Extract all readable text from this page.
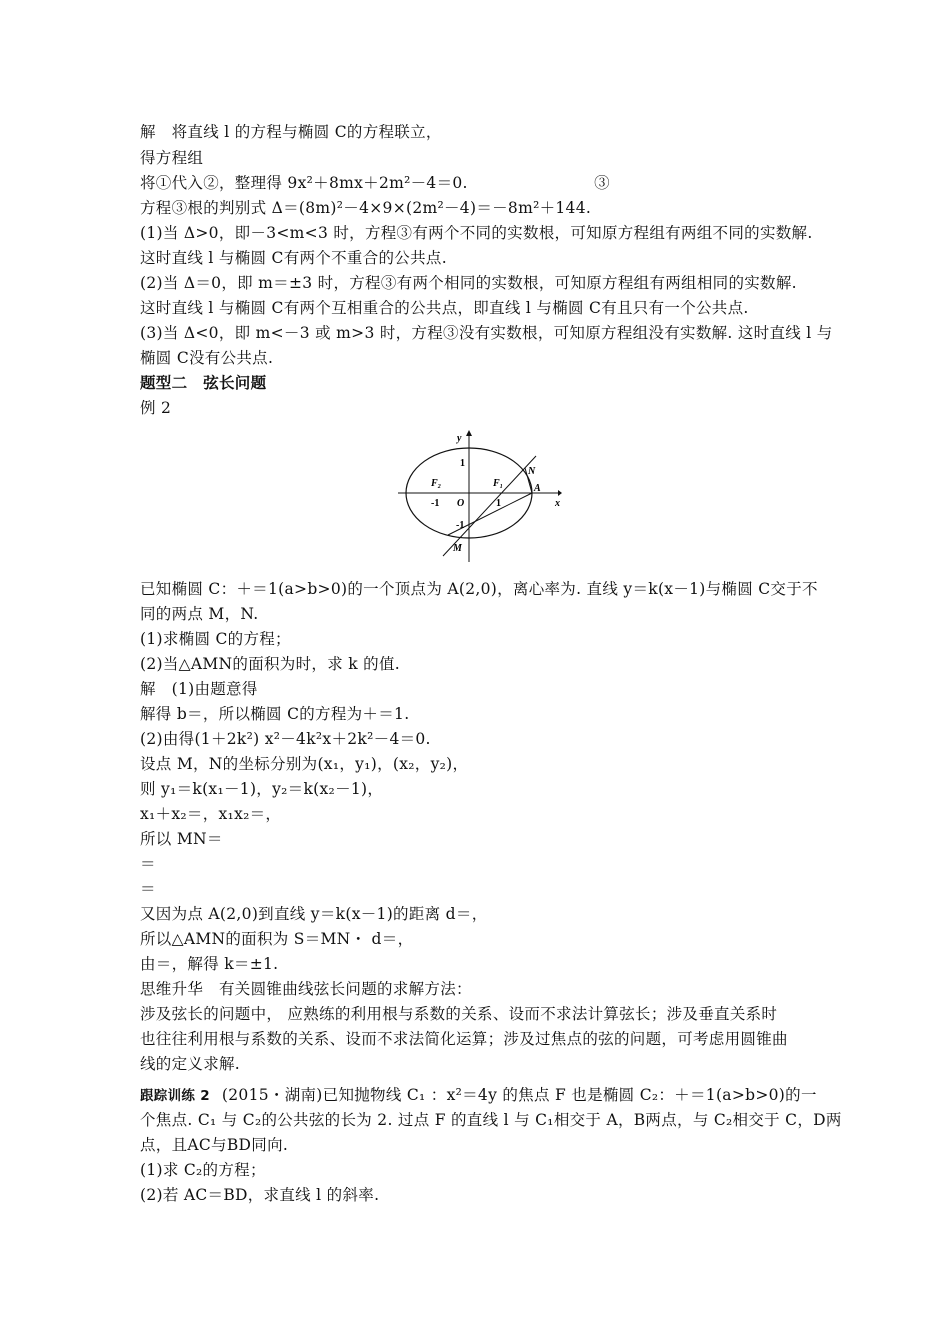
解　将直线 l 的方程与椭圆 C的方程联立，
得方程组
将①代入②，整理得 9x²＋8mx＋2m²－4＝0.　　　　　　　　③
方程③根的判别式 Δ＝(8m)²－4×9×(2m²－4)＝－8m²＋144.
(1)当 Δ>0，即－3<m<3 时，方程③有两个不同的实数根，可知原方程组有两组不同的实数解.
这时直线 l 与椭圆 C有两个不重合的公共点.
(2)当 Δ＝0，即 m＝±3 时，方程③有两个相同的实数根，可知原方程组有两组相同的实数解.
这时直线 l 与椭圆 C有两个互相重合的公共点，即直线 l 与椭圆 C有且只有一个公共点.
(3)当 Δ<0，即 m<－3 或 m>3 时，方程③没有实数根，可知原方程组没有实数解. 这时直线 l 与
椭圆 C没有公共点.
题型二　弦长问题
例 2
y
x
O
1
-1
1
-1
F₁
F₂
N
A
M
已知椭圆 C：＋＝1(a>b>0)的一个顶点为 A(2,0)，离心率为. 直线 y＝k(x－1)与椭圆 C交于不
同的两点 M，N.
(1)求椭圆 C的方程；
(2)当△AMN的面积为时，求 k 的值.
解　(1)由题意得
解得 b＝，所以椭圆 C的方程为＋＝1.
(2)由得(1＋2k²) x²－4k²x＋2k²－4＝0.
设点 M，N的坐标分别为(x₁，y₁)，(x₂，y₂)，
则 y₁＝k(x₁－1)，y₂＝k(x₂－1)，
x₁＋x₂＝，x₁x₂＝，
所以 MN＝
＝
＝
又因为点 A(2,0)到直线 y＝k(x－1)的距离 d＝，
所以△AMN的面积为 S＝MN・ d＝，
由＝，解得 k＝±1.
思维升华　有关圆锥曲线弦长问题的求解方法：
涉及弦长的问题中， 应熟练的利用根与系数的关系、设而不求法计算弦长；涉及垂直关系时
也往往利用根与系数的关系、设而不求法简化运算；涉及过焦点的弦的问题，可考虑用圆锥曲
线的定义求解.
跟踪训练 2 (2015・湖南)已知抛物线 C₁ ：x²＝4y 的焦点 F 也是椭圆 C₂：＋＝1(a>b>0)的一
个焦点. C₁ 与 C₂的公共弦的长为 2. 过点 F 的直线 l 与 C₁相交于 A，B两点，与 C₂相交于 C，D两
点，且AC与BD同向.
(1)求 C₂的方程；
(2)若 AC＝BD，求直线 l 的斜率.
